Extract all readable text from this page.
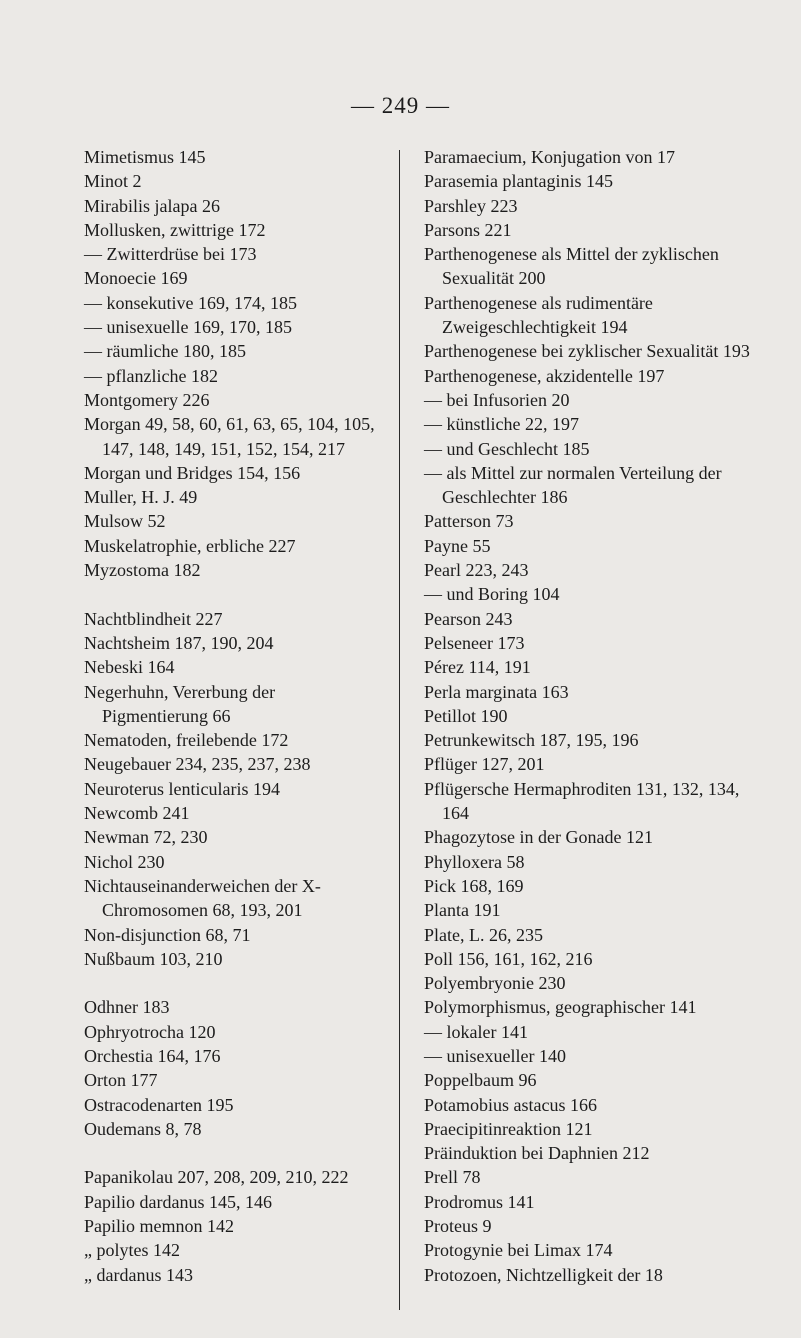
— 249 —
Mimetismus 145
Minot 2
Mirabilis jalapa 26
Mollusken, zwittrige 172
— Zwitterdrüse bei 173
Monoecie 169
— konsekutive 169, 174, 185
— unisexuelle 169, 170, 185
— räumliche 180, 185
— pflanzliche 182
Montgomery 226
Morgan 49, 58, 60, 61, 63, 65, 104, 105, 147, 148, 149, 151, 152, 154, 217
Morgan und Bridges 154, 156
Muller, H. J. 49
Mulsow 52
Muskelatrophie, erbliche 227
Myzostoma 182
Nachtblindheit 227
Nachtsheim 187, 190, 204
Nebeski 164
Negerhuhn, Vererbung der Pigmentierung 66
Nematoden, freilebende 172
Neugebauer 234, 235, 237, 238
Neuroterus lenticularis 194
Newcomb 241
Newman 72, 230
Nichol 230
Nichtauseinanderweichen der X-Chromosomen 68, 193, 201
Non-disjunction 68, 71
Nußbaum 103, 210
Odhner 183
Ophryotrocha 120
Orchestia 164, 176
Orton 177
Ostracodenarten 195
Oudemans 8, 78
Papanikolau 207, 208, 209, 210, 222
Papilio dardanus 145, 146
Papilio memnon 142
„ polytes 142
„ dardanus 143
Paramaecium, Konjugation von 17
Parasemia plantaginis 145
Parshley 223
Parsons 221
Parthenogenese als Mittel der zyklischen Sexualität 200
Parthenogenese als rudimentäre Zweigeschlechtigkeit 194
Parthenogenese bei zyklischer Sexualität 193
Parthenogenese, akzidentelle 197
— bei Infusorien 20
— künstliche 22, 197
— und Geschlecht 185
— als Mittel zur normalen Verteilung der Geschlechter 186
Patterson 73
Payne 55
Pearl 223, 243
— und Boring 104
Pearson 243
Pelseneer 173
Pérez 114, 191
Perla marginata 163
Petillot 190
Petrunkewitsch 187, 195, 196
Pflüger 127, 201
Pflügersche Hermaphroditen 131, 132, 134, 164
Phagozytose in der Gonade 121
Phylloxera 58
Pick 168, 169
Planta 191
Plate, L. 26, 235
Poll 156, 161, 162, 216
Polyembryonie 230
Polymorphismus, geographischer 141
— lokaler 141
— unisexueller 140
Poppelbaum 96
Potamobius astacus 166
Praecipitinreaktion 121
Präinduktion bei Daphnien 212
Prell 78
Prodromus 141
Proteus 9
Protogynie bei Limax 174
Protozoen, Nichtzelligkeit der 18
